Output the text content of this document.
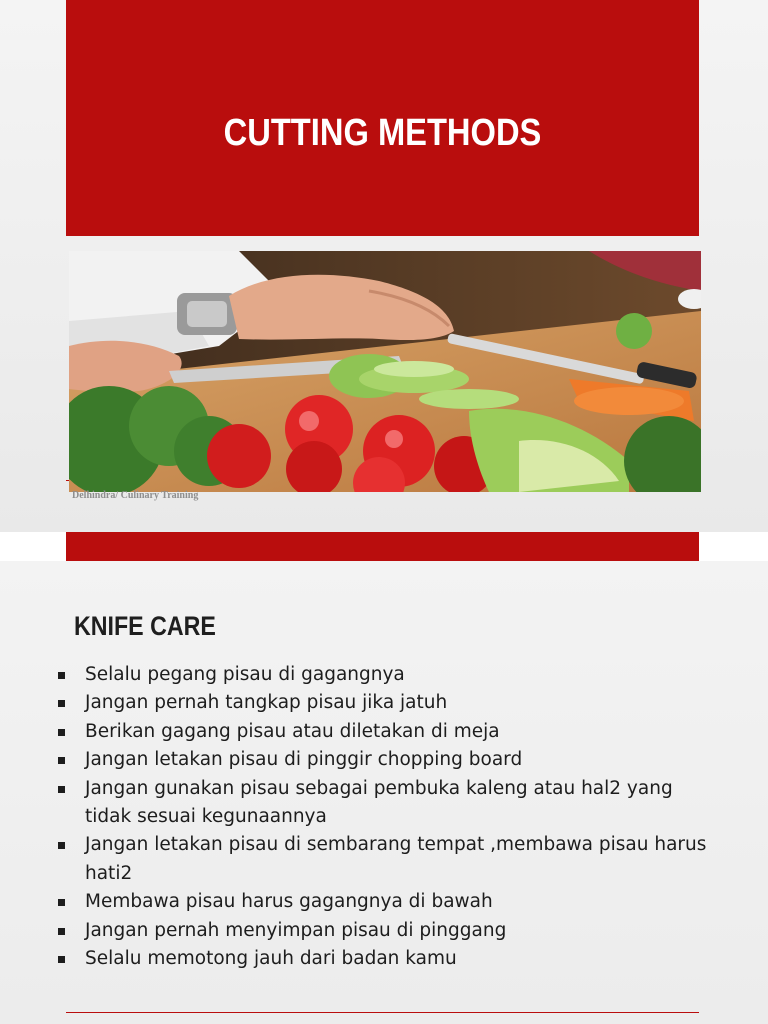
CUTTING METHODS
Delhindra/ Culinary Training
KNIFE CARE
Selalu pegang pisau di gagangnya
Jangan pernah tangkap pisau jika jatuh
Berikan gagang pisau atau diletakan di meja
Jangan letakan pisau di pinggir chopping board
Jangan gunakan pisau sebagai pembuka kaleng atau hal2 yang tidak sesuai kegunaannya
Jangan letakan pisau di sembarang tempat ,membawa pisau harus hati2
Membawa pisau harus gagangnya di bawah
Jangan pernah menyimpan pisau di pinggang
Selalu memotong jauh dari badan kamu
